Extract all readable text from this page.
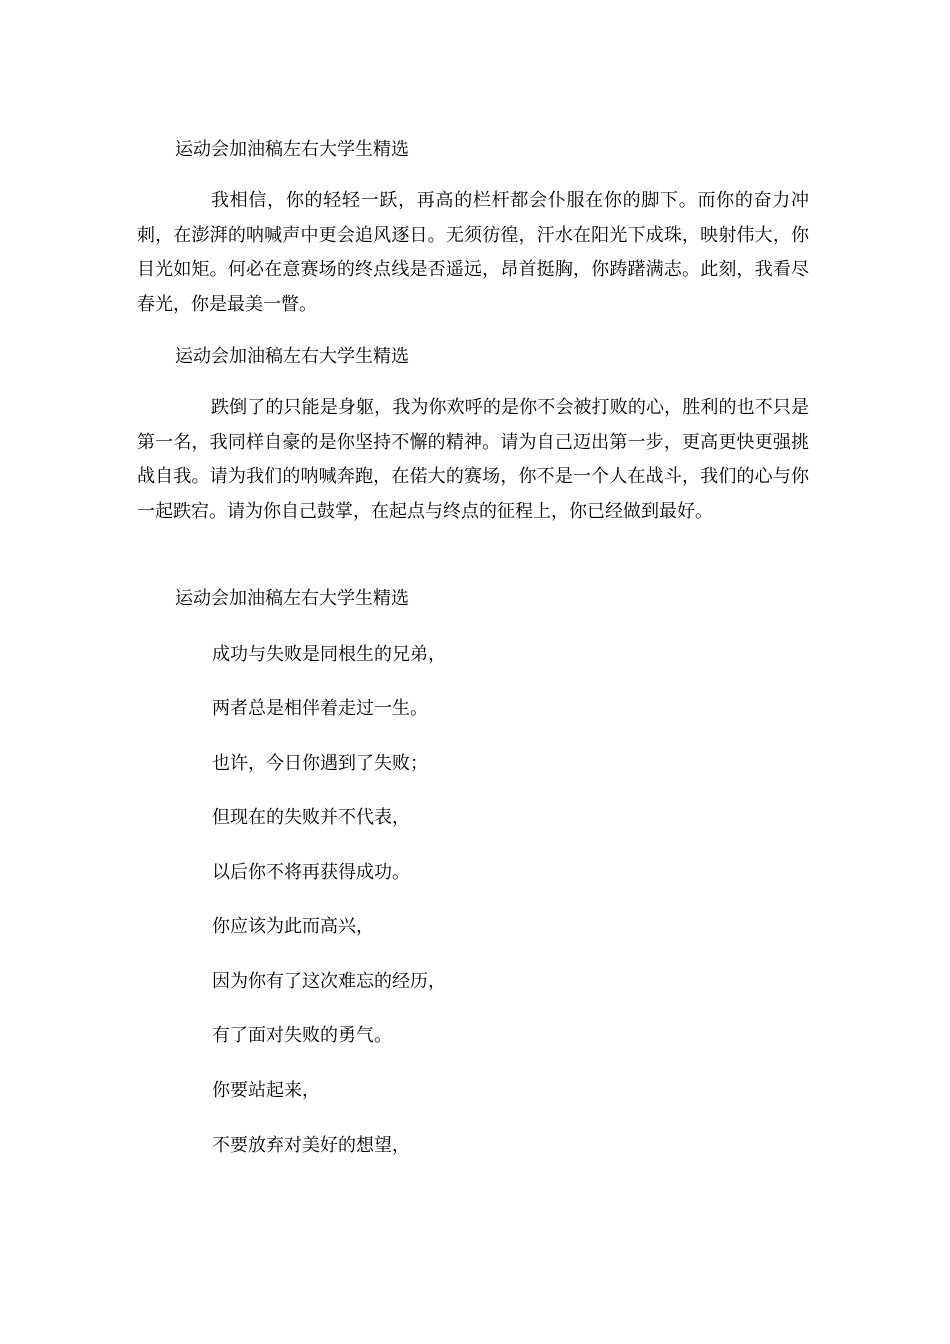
运动会加油稿左右大学生精选

我相信，你的轻轻一跃，再高的栏杆都会仆服在你的脚下。而你的奋力冲刺，在澎湃的呐喊声中更会追风逐日。无须彷徨，汗水在阳光下成珠，映射伟大，你目光如矩。何必在意赛场的终点线是否遥远，昂首挺胸，你踌躇满志。此刻，我看尽春光，你是最美一瞥。

运动会加油稿左右大学生精选

跌倒了的只能是身躯，我为你欢呼的是你不会被打败的心，胜利的也不只是第一名，我同样自豪的是你坚持不懈的精神。请为自己迈出第一步，更高更快更强挑战自我。请为我们的呐喊奔跑，在偌大的赛场，你不是一个人在战斗，我们的心与你一起跌宕。请为你自己鼓掌，在起点与终点的征程上，你已经做到最好。

运动会加油稿左右大学生精选
成功与失败是同根生的兄弟，
两者总是相伴着走过一生。
也许，今日你遇到了失败；
但现在的失败并不代表，
以后你不将再获得成功。
你应该为此而高兴，
因为你有了这次难忘的经历，
有了面对失败的勇气。
你要站起来，
不要放弃对美好的想望，
